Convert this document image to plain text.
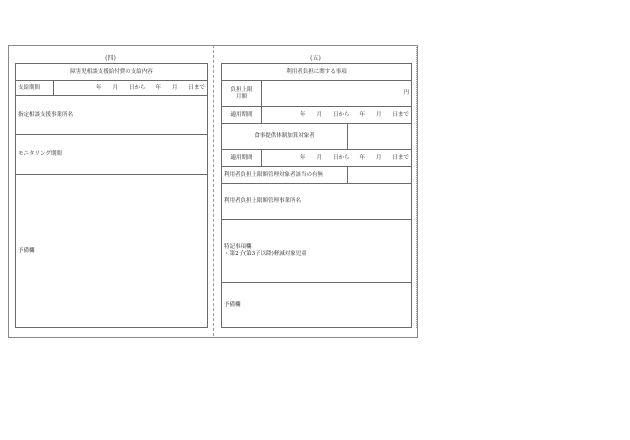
(四)
障害児相談支援給付費の支給内容
支給期間	年　　月　　日から 年　　月　　日まで
指定相談支援事業所名
モニタリング期間
予備欄
(五)
利用者負担に関する事項		

負担上限
月額	円	
適用期間	年　　月　　日から 年　　月　　日まで	
食事提供体制加算対象者		
適用期間	年　　月　　日から 年　　月　　日まで	
利用者負担上限額管理対象者該当の有無		
利用者負担上限額管理事業所名		

特記事項欄
・第2子(第3子以降)軽減対象児童		

予備欄		
